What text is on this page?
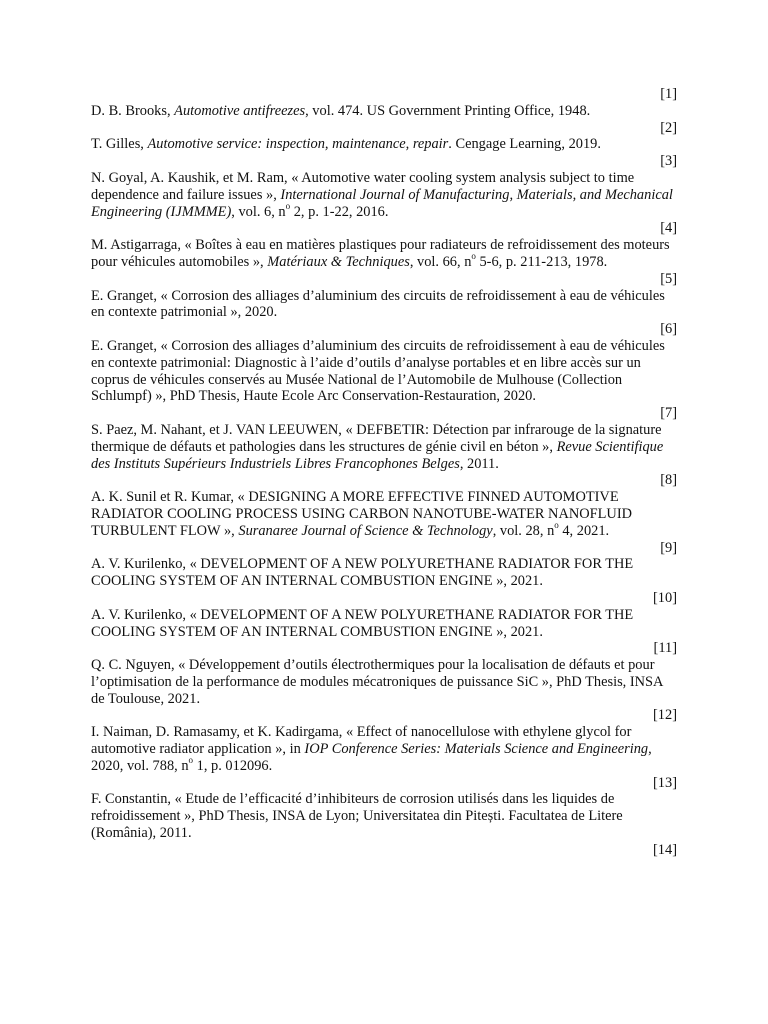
[1]
D. B. Brooks, Automotive antifreezes, vol. 474. US Government Printing Office, 1948.
[2]
T. Gilles, Automotive service: inspection, maintenance, repair. Cengage Learning, 2019.
[3]
N. Goyal, A. Kaushik, et M. Ram, « Automotive water cooling system analysis subject to time dependence and failure issues », International Journal of Manufacturing, Materials, and Mechanical Engineering (IJMMME), vol. 6, $n^o$ 2, p. 1-22, 2016.
[4]
M. Astigarraga, « Boîtes à eau en matières plastiques pour radiateurs de refroidissement des moteurs pour véhicules automobiles », Matériaux & Techniques, vol. 66, $n^o$ 5-6, p. 211-213, 1978.
[5]
E. Granget, « Corrosion des alliages d’aluminium des circuits de refroidissement à eau de véhicules en contexte patrimonial », 2020.
[6]
E. Granget, « Corrosion des alliages d’aluminium des circuits de refroidissement à eau de véhicules en contexte patrimonial: Diagnostic à l’aide d’outils d’analyse portables et en libre accès sur un coprus de véhicules conservés au Musée National de l’Automobile de Mulhouse (Collection Schlumpf) », PhD Thesis, Haute Ecole Arc Conservation-Restauration, 2020.
[7]
S. Paez, M. Nahant, et J. VAN LEEUWEN, « DEFBETIR: Détection par infrarouge de la signature thermique de défauts et pathologies dans les structures de génie civil en béton », Revue Scientifique des Instituts Supérieurs Industriels Libres Francophones Belges, 2011.
[8]
A. K. Sunil et R. Kumar, « DESIGNING A MORE EFFECTIVE FINNED AUTOMOTIVE RADIATOR COOLING PROCESS USING CARBON NANOTUBE-WATER NANOFLUID TURBULENT FLOW », Suranaree Journal of Science & Technology, vol. 28, $n^o$ 4, 2021.
[9]
A. V. Kurilenko, « DEVELOPMENT OF A NEW POLYURETHANE RADIATOR FOR THE COOLING SYSTEM OF AN INTERNAL COMBUSTION ENGINE », 2021.
[10]
A. V. Kurilenko, « DEVELOPMENT OF A NEW POLYURETHANE RADIATOR FOR THE COOLING SYSTEM OF AN INTERNAL COMBUSTION ENGINE », 2021.
[11]
Q. C. Nguyen, « Développement d’outils électrothermiques pour la localisation de défauts et pour l’optimisation de la performance de modules mécatroniques de puissance SiC », PhD Thesis, INSA de Toulouse, 2021.
[12]
I. Naiman, D. Ramasamy, et K. Kadirgama, « Effect of nanocellulose with ethylene glycol for automotive radiator application », in IOP Conference Series: Materials Science and Engineering, 2020, vol. 788, $n^o$ 1, p. 012096.
[13]
F. Constantin, « Etude de l’efficacité d’inhibiteurs de corrosion utilisés dans les liquides de refroidissement », PhD Thesis, INSA de Lyon; Universitatea din Pitești. Facultatea de Litere (România), 2011.
[14]
